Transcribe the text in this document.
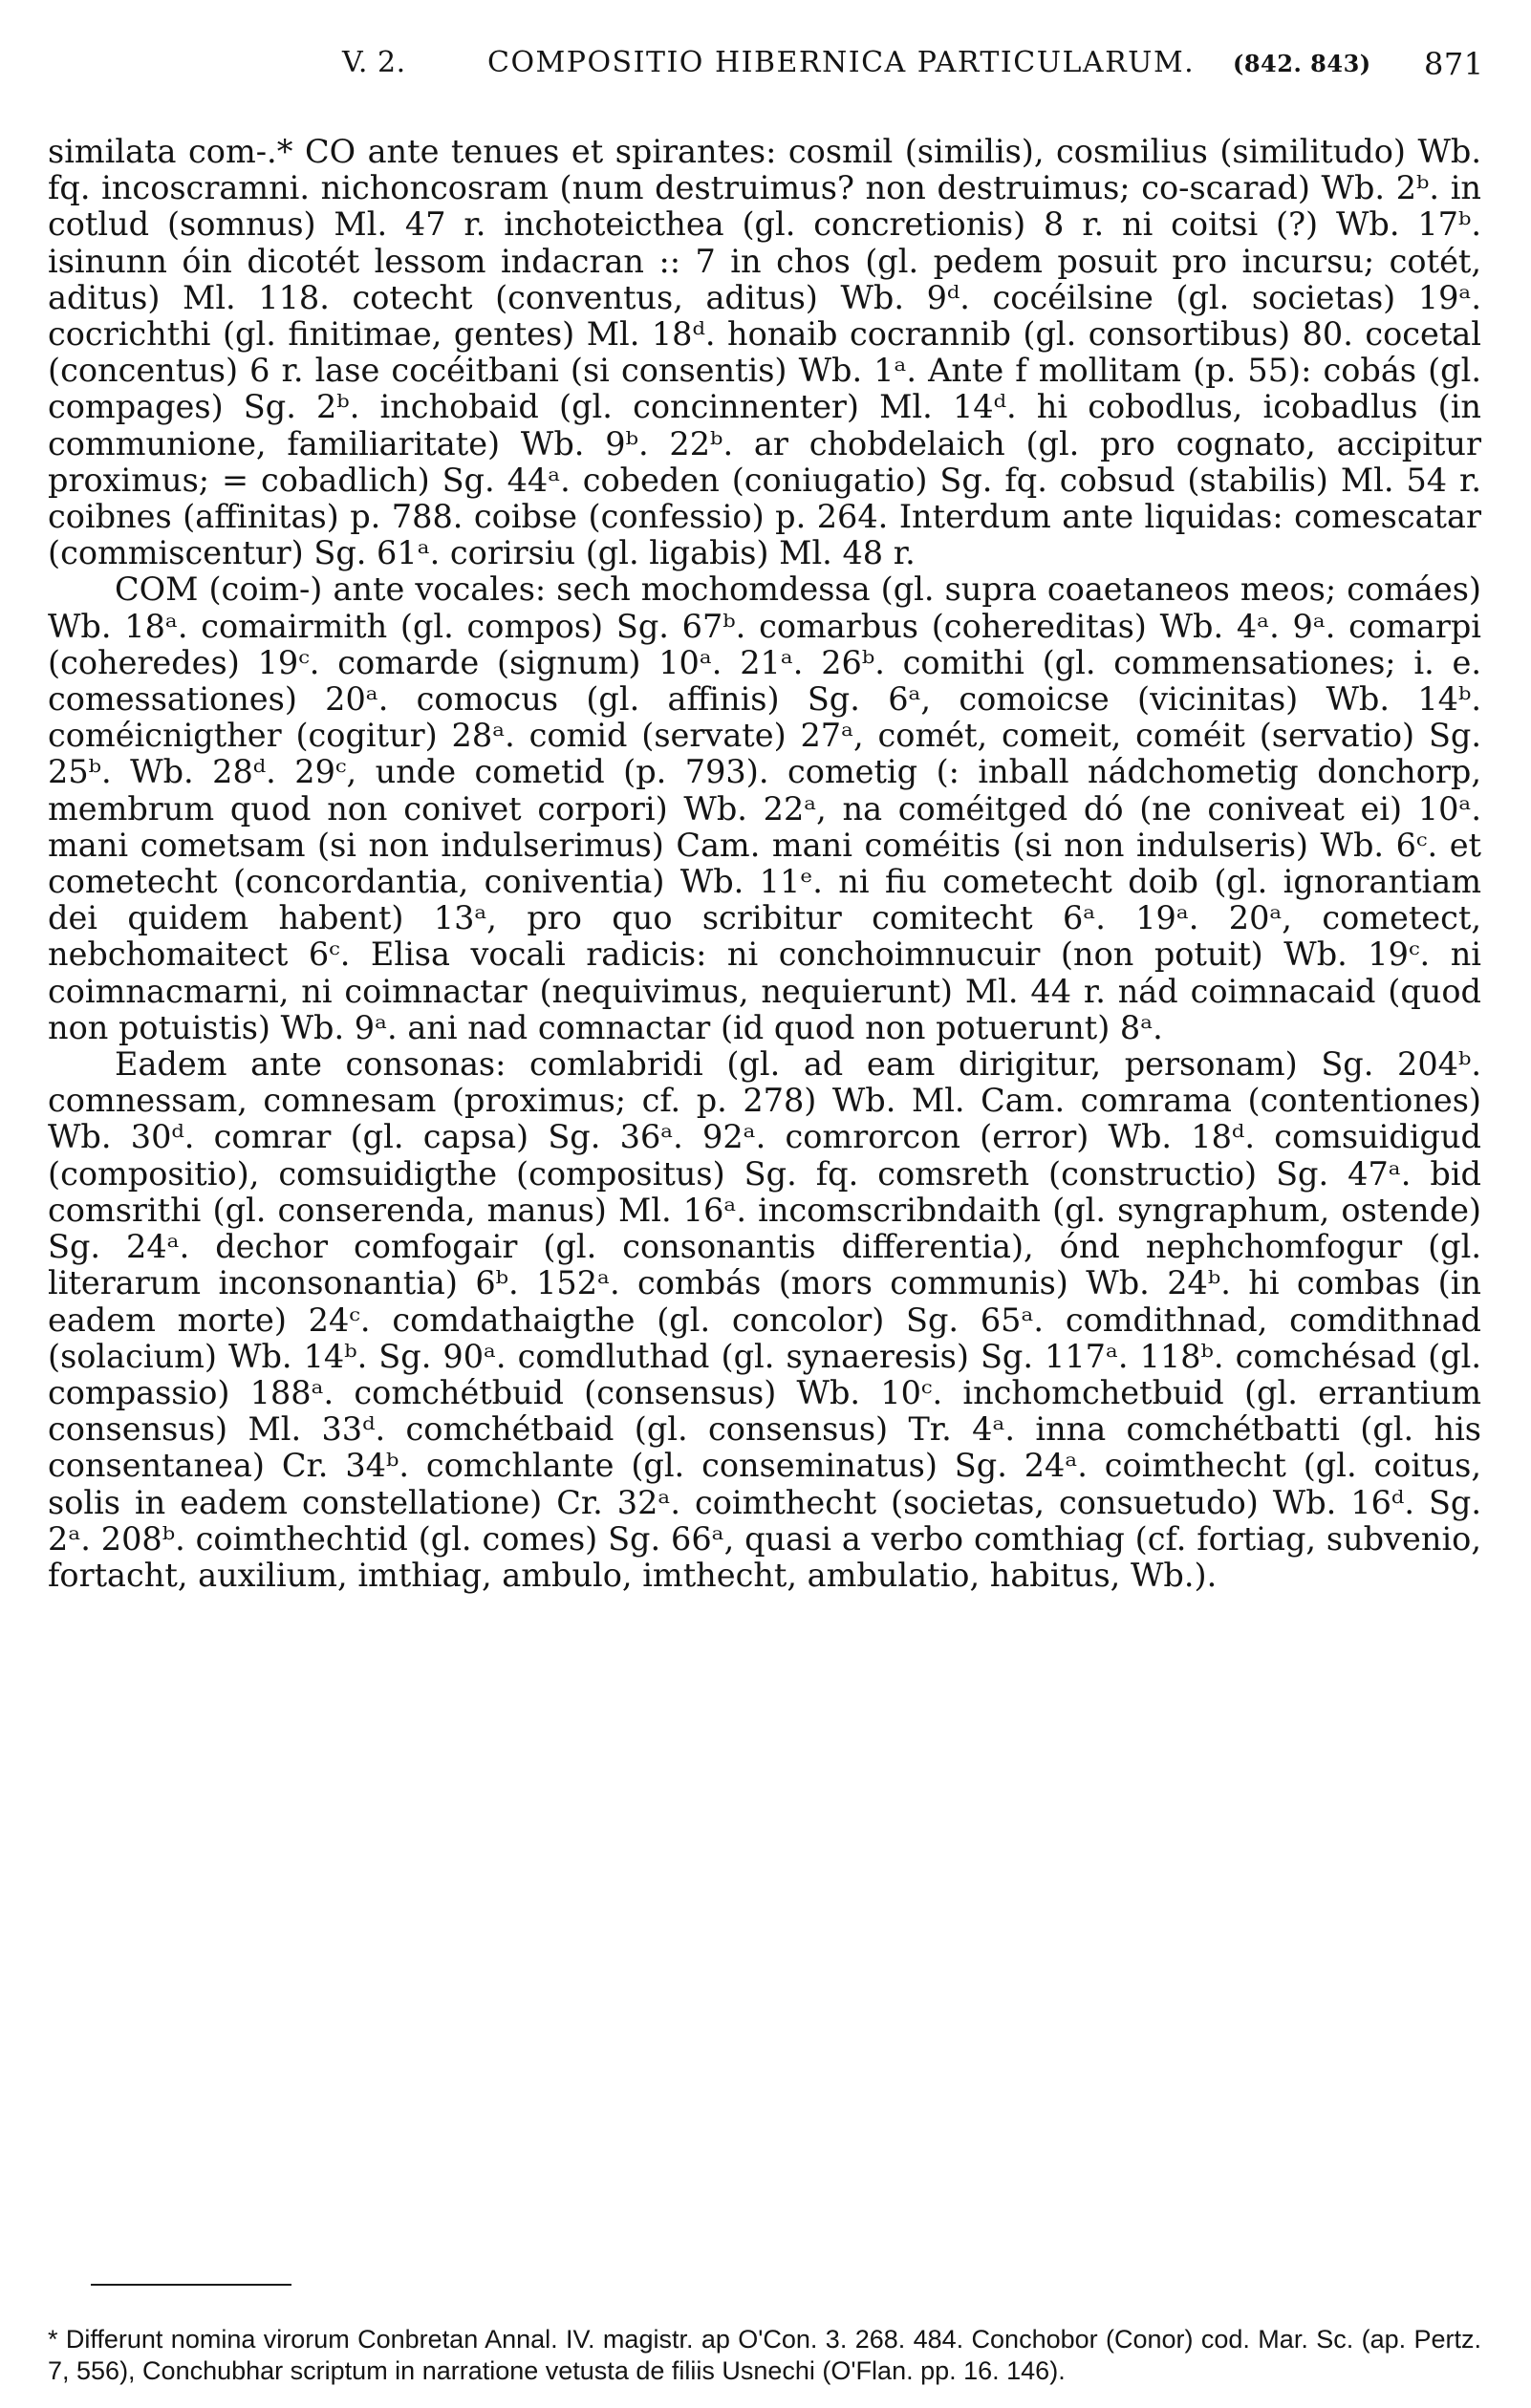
V. 2.	COMPOSITIO HIBERNICA PARTICULARUM. (842. 843) 871

similata com-.* CO ante tenues et spirantes: cosmil (similis), cosmilius (similitudo) Wb. fq. incoscramni. nichoncosram (num destruimus? non destruimus; co-scarad) Wb. 2ᵇ. in cotlud (somnus) Ml. 47 r. inchoteicthea (gl. concretionis) 8 r. ni coitsi (?) Wb. 17ᵇ. isinunn óin dicotét lessom indacran :: 7 in chos (gl. pedem posuit pro incursu; cotét, aditus) Ml. 118. cotecht (conventus, aditus) Wb. 9ᵈ. cocéilsine (gl. societas) 19ᵃ. cocrichthi (gl. finitimae, gentes) Ml. 18ᵈ. honaib cocrannib (gl. consortibus) 80. cocetal (concentus) 6 r. lase cocéitbani (si consentis) Wb. 1ᵃ. Ante f mollitam (p. 55): cobás (gl. compages) Sg. 2ᵇ. inchobaid (gl. concinnenter) Ml. 14ᵈ. hi cobodlus, icobadlus (in communione, familiaritate) Wb. 9ᵇ. 22ᵇ. ar chobdelaich (gl. pro cognato, accipitur proximus; = cobadlich) Sg. 44ᵃ. cobeden (coniugatio) Sg. fq. cobsud (stabilis) Ml. 54 r. coibnes (affinitas) p. 788. coibse (confessio) p. 264. Interdum ante liquidas: comescatar (commiscentur) Sg. 61ᵃ. corirsiu (gl. ligabis) Ml. 48 r.

COM (coim-) ante vocales: sech mochomdessa (gl. supra coaetaneos meos; comáes) Wb. 18ᵃ. comairmith (gl. compos) Sg. 67ᵇ. comarbus (cohereditas) Wb. 4ᵃ. 9ᵃ. comarpi (coheredes) 19ᶜ. comarde (signum) 10ᵃ. 21ᵃ. 26ᵇ. comithi (gl. commensationes; i. e. comessationes) 20ᵃ. comocus (gl. affinis) Sg. 6ᵃ, comoicse (vicinitas) Wb. 14ᵇ. coméicnigther (cogitur) 28ᵃ. comid (servate) 27ᵃ, comét, comeit, coméit (servatio) Sg. 25ᵇ. Wb. 28ᵈ. 29ᶜ, unde cometid (p. 793). cometig (: inball nádchometig donchorp, membrum quod non conivet corpori) Wb. 22ᵃ, na coméitged dó (ne coniveat ei) 10ᵃ. mani cometsam (si non indulserimus) Cam. mani coméitis (si non indulseris) Wb. 6ᶜ. et cometecht (concordantia, coniventia) Wb. 11ᵉ. ni fiu cometecht doib (gl. ignorantiam dei quidem habent) 13ᵃ, pro quo scribitur comitecht 6ᵃ. 19ᵃ. 20ᵃ, cometect, nebchomaitect 6ᶜ. Elisa vocali radicis: ni conchoimnucuir (non potuit) Wb. 19ᶜ. ni coimnacmarni, ni coimnactar (nequivimus, nequierunt) Ml. 44 r. nád coimnacaid (quod non potuistis) Wb. 9ᵃ. ani nad comnactar (id quod non potuerunt) 8ᵃ.

Eadem ante consonas: comlabridi (gl. ad eam dirigitur, personam) Sg. 204ᵇ. comnessam, comnesam (proximus; cf. p. 278) Wb. Ml. Cam. comrama (contentiones) Wb. 30ᵈ. comrar (gl. capsa) Sg. 36ᵃ. 92ᵃ. comrorcon (error) Wb. 18ᵈ. comsuidigud (compositio), comsuidigthe (compositus) Sg. fq. comsreth (constructio) Sg. 47ᵃ. bid comsrithi (gl. conserenda, manus) Ml. 16ᵃ. incomscribndaith (gl. syngraphum, ostende) Sg. 24ᵃ. dechor comfogair (gl. consonantis differentia), ónd nephchomfogur (gl. literarum inconsonantia) 6ᵇ. 152ᵃ. combás (mors communis) Wb. 24ᵇ. hi combas (in eadem morte) 24ᶜ. comdathaigthe (gl. concolor) Sg. 65ᵃ. comdithnad, comdithnad (solacium) Wb. 14ᵇ. Sg. 90ᵃ. comdluthad (gl. synaeresis) Sg. 117ᵃ. 118ᵇ. comchésad (gl. compassio) 188ᵃ. comchétbuid (consensus) Wb. 10ᶜ. inchomchetbuid (gl. errantium consensus) Ml. 33ᵈ. comchétbaid (gl. consensus) Tr. 4ᵃ. inna comchétbatti (gl. his consentanea) Cr. 34ᵇ. comchlante (gl. conseminatus) Sg. 24ᵃ. coimthecht (gl. coitus, solis in eadem constellatione) Cr. 32ᵃ. coimthecht (societas, consuetudo) Wb. 16ᵈ. Sg. 2ᵃ. 208ᵇ. coimthechtid (gl. comes) Sg. 66ᵃ, quasi a verbo comthiag (cf. fortiag, subvenio, fortacht, auxilium, imthiag, ambulo, imthecht, ambulatio, habitus, Wb.).

* Differunt nomina virorum Conbretan Annal. IV. magistr. ap O'Con. 3. 268. 484. Conchobor (Conor) cod. Mar. Sc. (ap. Pertz. 7, 556), Conchubhar scriptum in narratione vetusta de filiis Usnechi (O'Flan. pp. 16. 146).
